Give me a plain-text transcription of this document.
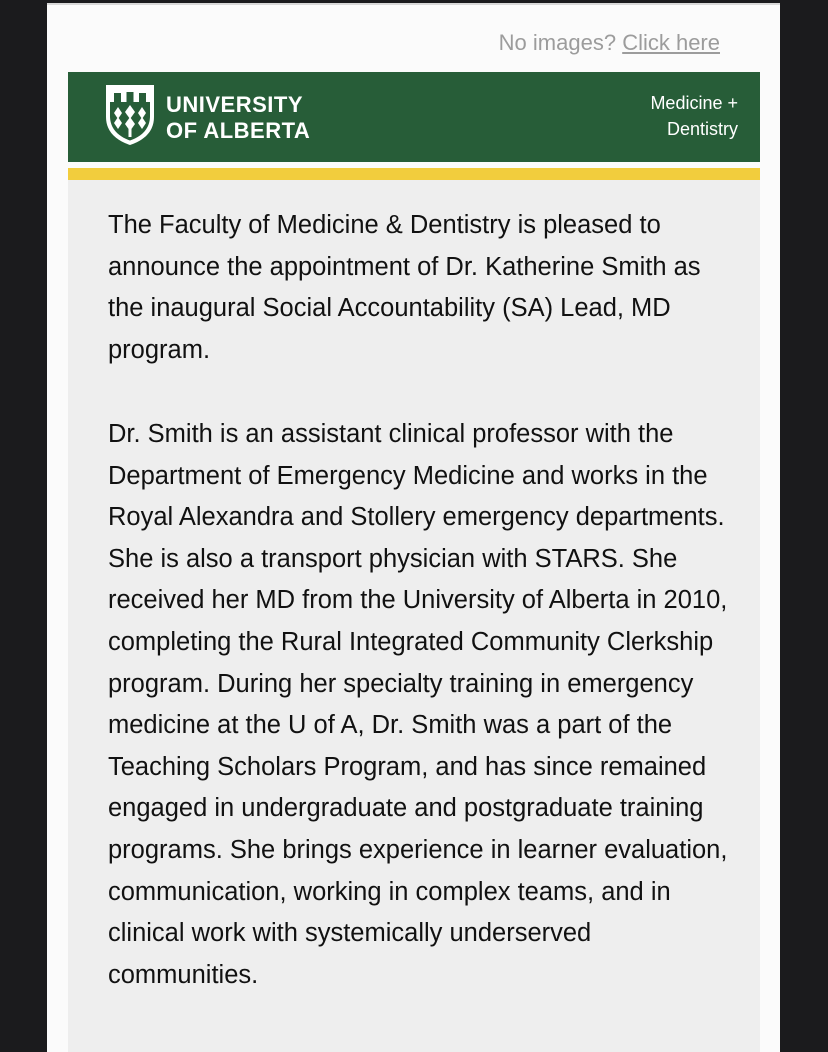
No images? Click here
UNIVERSITY
OF ALBERTA
Medicine +
Dentistry

The Faculty of Medicine & Dentistry is pleased to announce the appointment of Dr. Katherine Smith as the inaugural Social Accountability (SA) Lead, MD program.

Dr. Smith is an assistant clinical professor with the Department of Emergency Medicine and works in the Royal Alexandra and Stollery emergency departments. She is also a transport physician with STARS. She received her MD from the University of Alberta in 2010, completing the Rural Integrated Community Clerkship program. During her specialty training in emergency medicine at the U of A, Dr. Smith was a part of the Teaching Scholars Program, and has since remained engaged in undergraduate and postgraduate training programs. She brings experience in learner evaluation, communication, working in complex teams, and in clinical work with systemically underserved communities.
